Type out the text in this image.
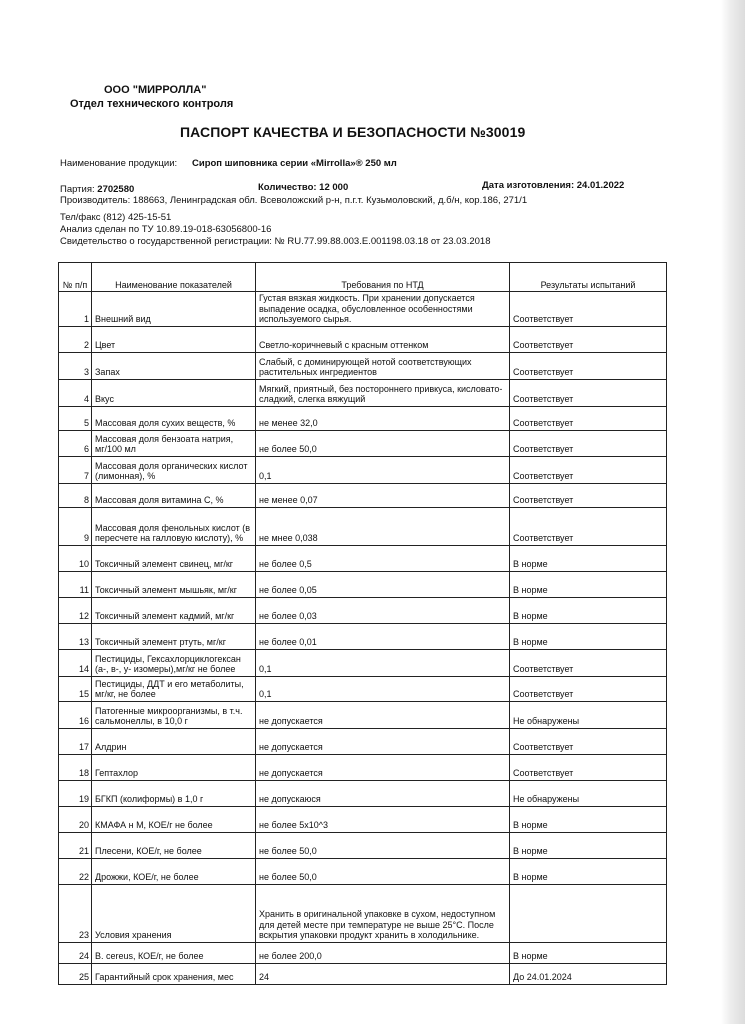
ООО "МИРРОЛЛА"
Отдел технического контроля
ПАСПОРТ КАЧЕСТВА И БЕЗОПАСНОСТИ №30019
Наименование продукции: Сироп шиповника серии «Mirrolla»® 250 мл
Партия: 2702580	Количество: 12 000	Дата изготовления: 24.01.2022
Производитель: 188663, Ленинградская обл. Всеволожский р-н, п.г.т. Кузьмоловский, д.б/н, кор.186, 271/1
Тел/факс (812) 425-15-51
Анализ сделан по ТУ 10.89.19-018-63056800-16
Свидетельство о государственной регистрации: № RU.77.99.88.003.Е.001198.03.18 от 23.03.2018
№ п/п	Наименование показателей	Требования по НТД	Результаты испытаний
1	Внешний вид	Густая вязкая жидкость. При хранении допускается выпадение осадка, обусловленное особенностями используемого сырья.	Соответствует
2	Цвет	Светло-коричневый с красным оттенком	Соответствует
3	Запах	Слабый, с доминирующей нотой соответствующих растительных ингредиентов	Соответствует
4	Вкус	Мягкий, приятный, без постороннего привкуса, кисловато-сладкий, слегка вяжущий	Соответствует
5	Массовая доля сухих веществ, %	не менее 32,0	Соответствует
6	Массовая доля бензоата натрия, мг/100 мл	не более 50,0	Соответствует
7	Массовая доля органических кислот (лимонная), %	0,1	Соответствует
8	Массовая доля витамина С, %	не менее 0,07	Соответствует
9	Массовая доля фенольных кислот (в пересчете на галловую кислоту), %	не мнее 0,038	Соответствует
10	Токсичный элемент свинец, мг/кг	не более 0,5	В норме
11	Токсичный элемент мышьяк, мг/кг	не более 0,05	В норме
12	Токсичный элемент кадмий, мг/кг	не более 0,03	В норме
13	Токсичный элемент ртуть, мг/кг	не более 0,01	В норме
14	Пестициды, Гексахлорциклогексан (а-, в-, у- изомеры),мг/кг не более	0,1	Соответствует
15	Пестициды, ДДТ и его метаболиты, мг/кг, не более	0,1	Соответствует
16	Патогенные микроорганизмы, в т.ч. сальмонеллы, в 10,0 г	не допускается	Не обнаружены
17	Алдрин	не допускается	Соответствует
18	Гептахлор	не допускается	Соответствует
19	БГКП (колиформы) в 1,0 г	не допускаюся	Не обнаружены
20	КМАФА н М, КОЕ/г не более	не более 5х10^3	В норме
21	Плесени, КОЕ/г, не более	не более 50,0	В норме
22	Дрожжи, КОЕ/г, не более	не более 50,0	В норме
23	Условия хранения	Хранить в оригинальной упаковке в сухом, недоступном для детей месте при температуре не выше 25°С. После вскрытия упаковки продукт хранить в холодильнике.	
24	B. cereus, КОЕ/г, не более	не более 200,0	В норме
25	Гарантийный срок хранения, мес	24	До 24.01.2024
